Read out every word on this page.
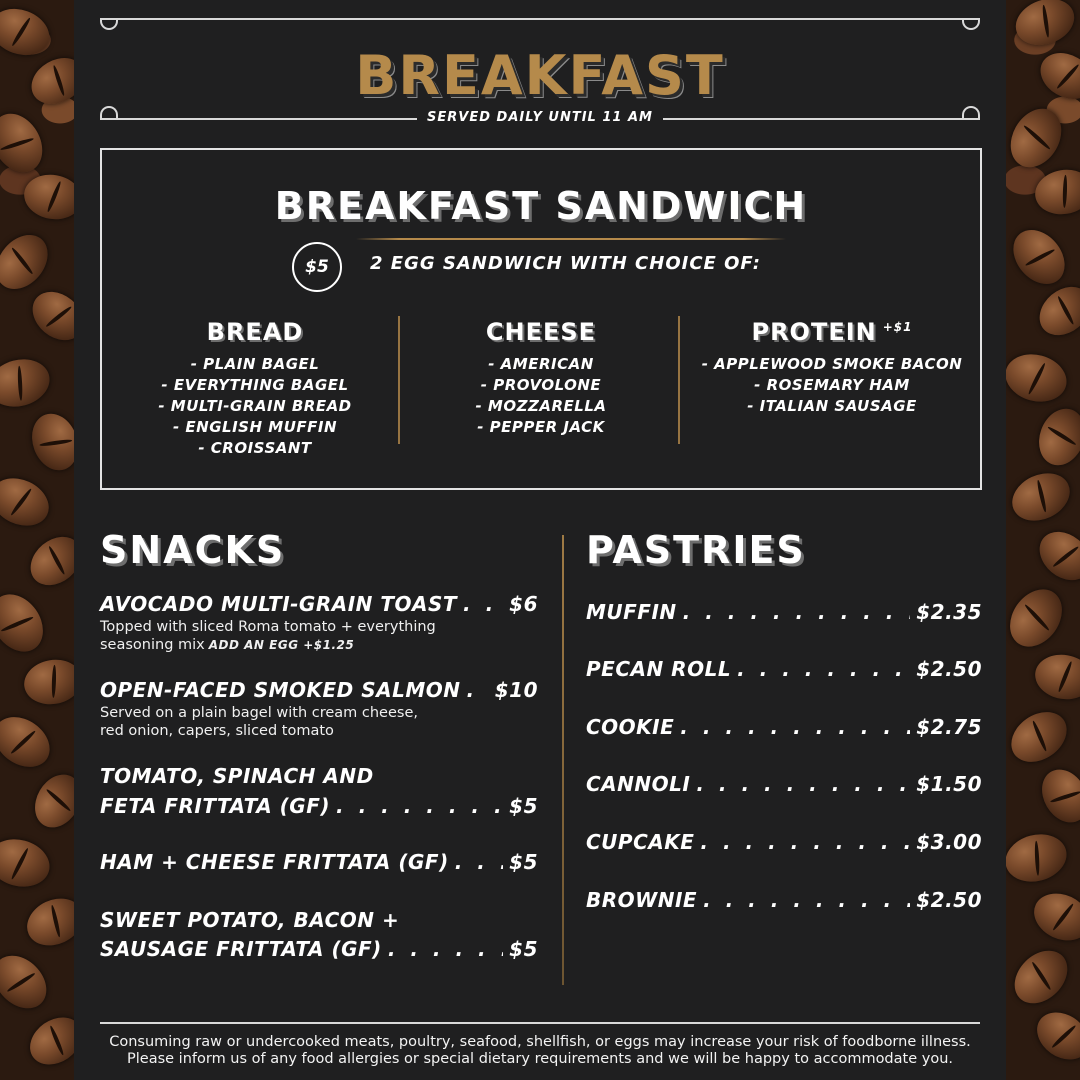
BREAKFAST
SERVED DAILY UNTIL 11 AM
BREAKFAST SANDWICH
$5 2 EGG SANDWICH WITH CHOICE OF:
BREAD
- PLAIN BAGEL
- EVERYTHING BAGEL
- MULTI-GRAIN BREAD
- ENGLISH MUFFIN
- CROISSANT
CHEESE
- AMERICAN
- PROVOLONE
- MOZZARELLA
- PEPPER JACK
PROTEIN $^{+\$1}$
- APPLEWOOD SMOKE BACON
- ROSEMARY HAM
- ITALIAN SAUSAGE
SNACKS
AVOCADO MULTI-GRAIN TOAST . . .	$6
Topped with sliced Roma tomato + everything
seasoning mix ADD AN EGG +$1.25
OPEN-FACED SMOKED SALMON . . . $10
Served on a plain bagel with cream cheese,
red onion, capers, sliced tomato
TOMATO, SPINACH AND
FETA FRITTATA (GF) . . .	$5
HAM + CHEESE FRITTATA (GF) . . .	$5
SWEET POTATO, BACON +
SAUSAGE FRITTATA (GF) . . .	$5
PASTRIES
MUFFIN . . .	$2.35
PECAN ROLL . . .	$2.50
COOKIE . . .	$2.75
CANNOLI . . .	$1.50
CUPCAKE . . .	$3.00
BROWNIE . . .	$2.50
Consuming raw or undercooked meats, poultry, seafood, shellfish, or eggs may increase your risk of foodborne illness.
Please inform us of any food allergies or special dietary requirements and we will be happy to accommodate you.
